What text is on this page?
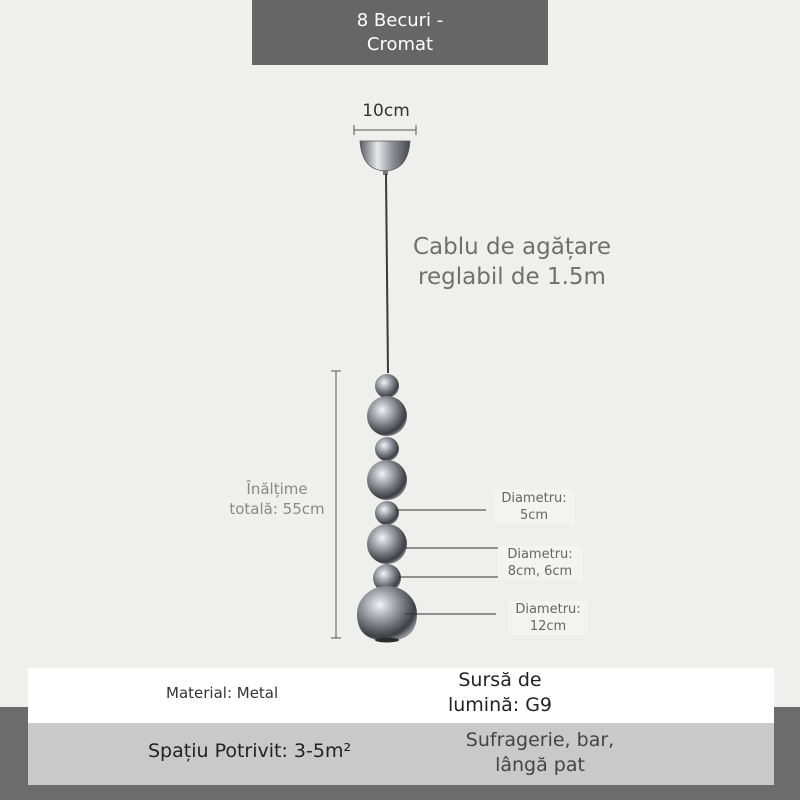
8 Becuri -
Cromat
10cm
Cablu de agățare
reglabil de 1.5m
Înălțime
totală: 55cm
Diametru:
5cm
Diametru:
8cm, 6cm
Diametru:
12cm
Material: Metal
Sursă de
lumină: G9
Spațiu Potrivit: 3-5m²	Sufragerie, bar,
lângă pat
